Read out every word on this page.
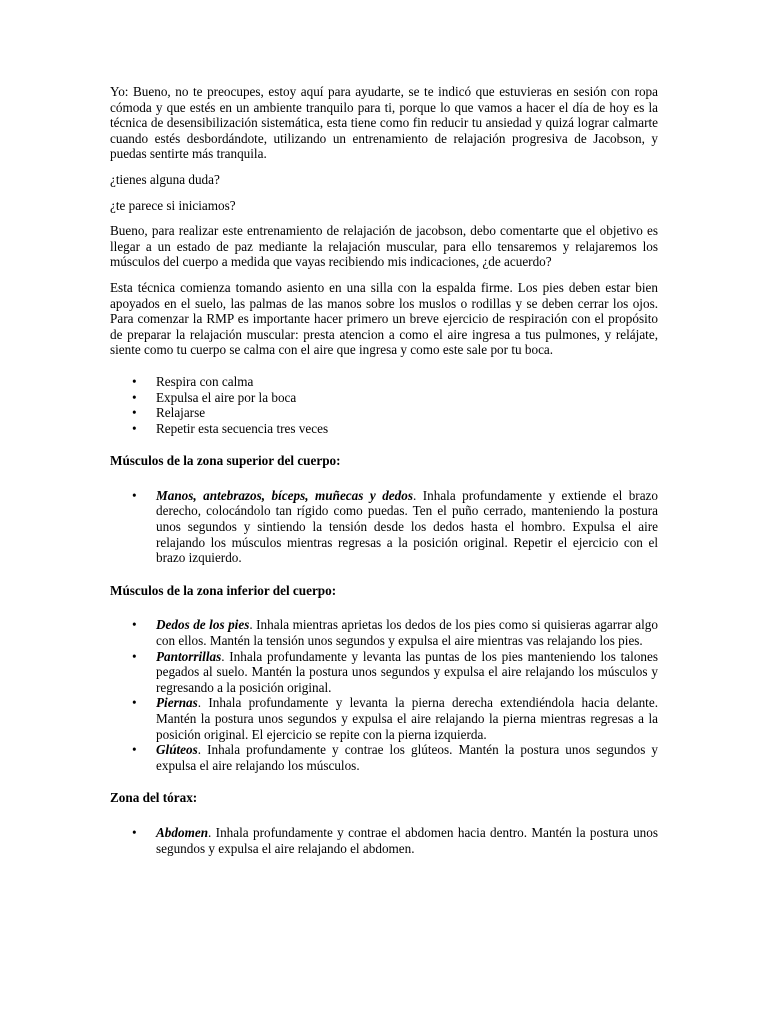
Yo: Bueno, no te preocupes, estoy aquí para ayudarte, se te indicó que estuvieras en sesión con ropa cómoda y que estés en un ambiente tranquilo para ti, porque lo que vamos a hacer el día de hoy es la técnica de desensibilización sistemática, esta tiene como fin reducir tu ansiedad y quizá lograr calmarte cuando estés desbordándote, utilizando un entrenamiento de relajación progresiva de Jacobson, y puedas sentirte más tranquila.

¿tienes alguna duda?

¿te parece si iniciamos?

Bueno, para realizar este entrenamiento de relajación de jacobson, debo comentarte que el objetivo es llegar a un estado de paz mediante la relajación muscular, para ello tensaremos y relajaremos los músculos del cuerpo a medida que vayas recibiendo mis indicaciones, ¿de acuerdo?

Esta técnica comienza tomando asiento en una silla con la espalda firme. Los pies deben estar bien apoyados en el suelo, las palmas de las manos sobre los muslos o rodillas y se deben cerrar los ojos. Para comenzar la RMP es importante hacer primero un breve ejercicio de respiración con el propósito de preparar la relajación muscular: presta atencion a como el aire ingresa a tus pulmones, y relájate, siente como tu cuerpo se calma con el aire que ingresa y como este sale por tu boca.

• Respira con calma
• Expulsa el aire por la boca
• Relajarse
• Repetir esta secuencia tres veces

Músculos de la zona superior del cuerpo:

• Manos, antebrazos, bíceps, muñecas y dedos. Inhala profundamente y extiende el brazo derecho, colocándolo tan rígido como puedas. Ten el puño cerrado, manteniendo la postura unos segundos y sintiendo la tensión desde los dedos hasta el hombro. Expulsa el aire relajando los músculos mientras regresas a la posición original. Repetir el ejercicio con el brazo izquierdo.

Músculos de la zona inferior del cuerpo:

• Dedos de los pies. Inhala mientras aprietas los dedos de los pies como si quisieras agarrar algo con ellos. Mantén la tensión unos segundos y expulsa el aire mientras vas relajando los pies.
• Pantorrillas. Inhala profundamente y levanta las puntas de los pies manteniendo los talones pegados al suelo. Mantén la postura unos segundos y expulsa el aire relajando los músculos y regresando a la posición original.
• Piernas. Inhala profundamente y levanta la pierna derecha extendiéndola hacia delante. Mantén la postura unos segundos y expulsa el aire relajando la pierna mientras regresas a la posición original. El ejercicio se repite con la pierna izquierda.
• Glúteos. Inhala profundamente y contrae los glúteos. Mantén la postura unos segundos y expulsa el aire relajando los músculos.

Zona del tórax:

• Abdomen. Inhala profundamente y contrae el abdomen hacia dentro. Mantén la postura unos segundos y expulsa el aire relajando el abdomen.
